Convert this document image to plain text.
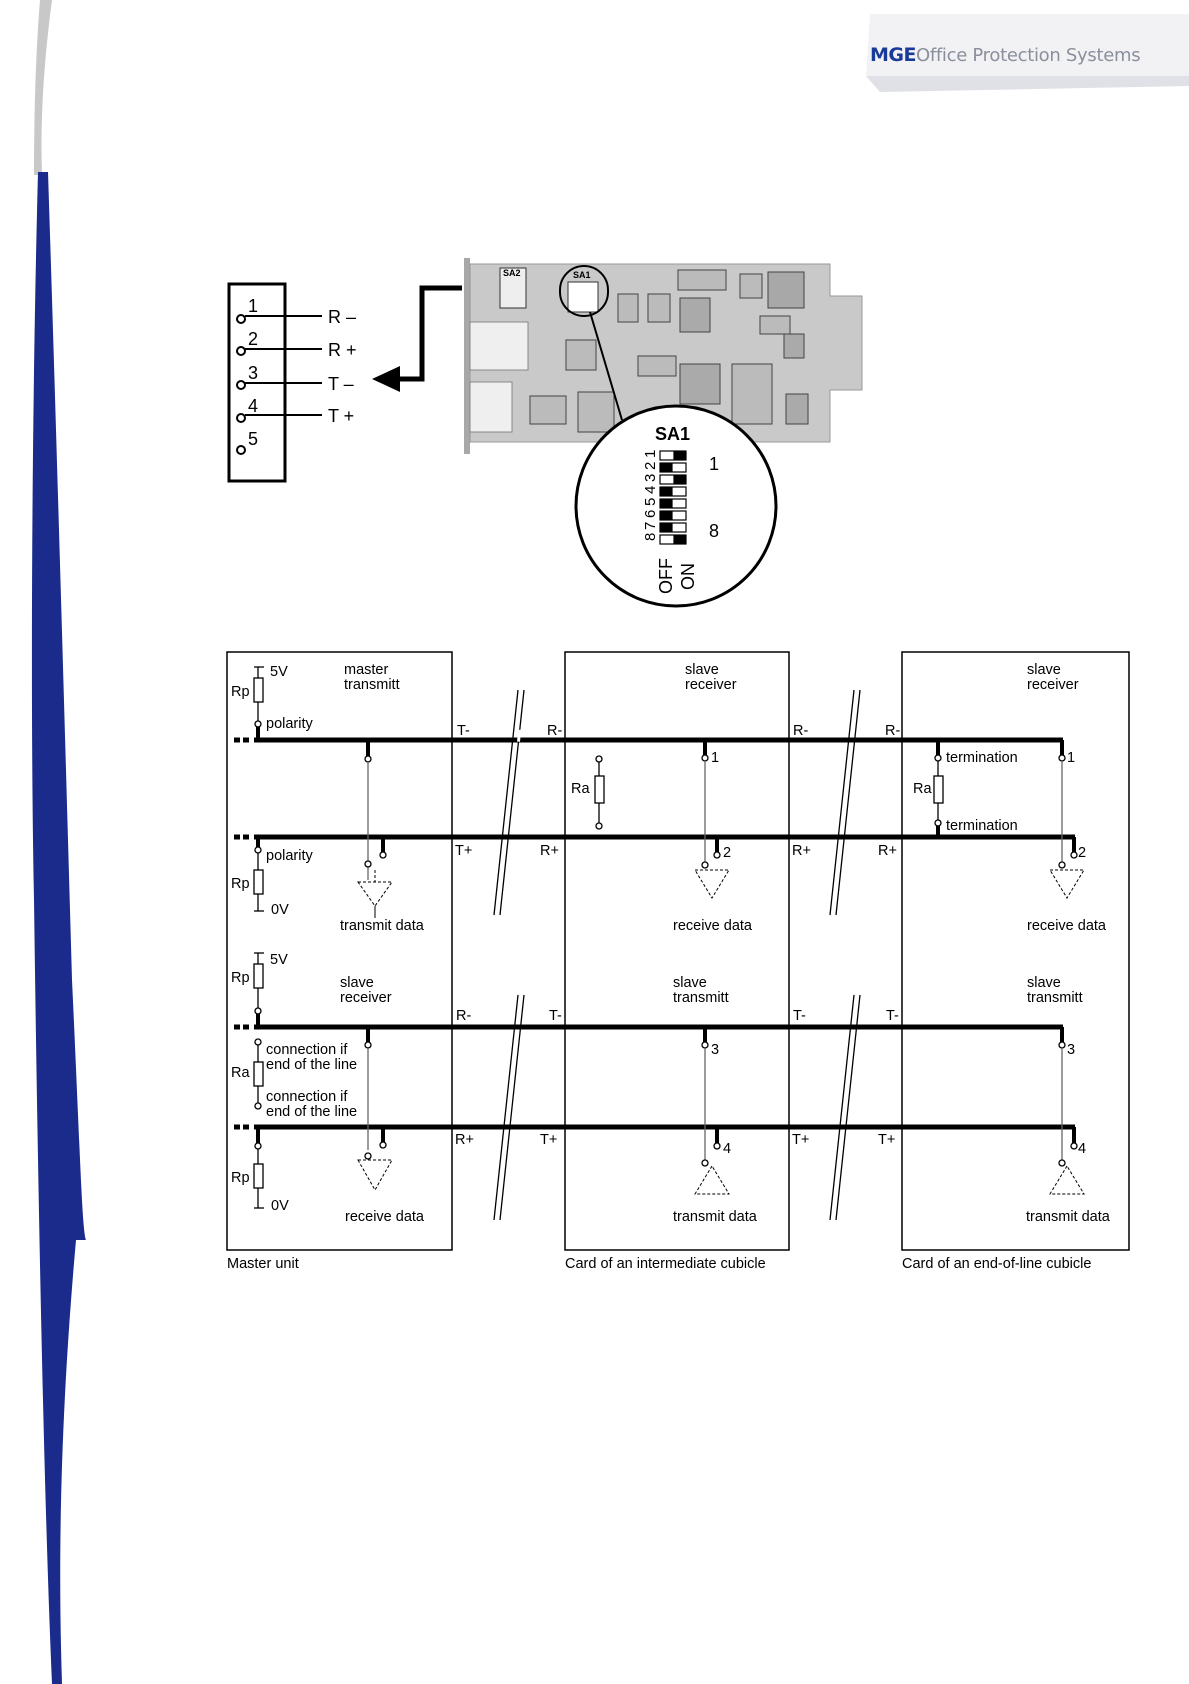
MGEOffice Protection Systems
1
2
3
4
5
R –
R +
T –
T +
SA2	SA1
SA1
8
7
6
5
4
3
2
1
1
8
OFF ON
5V
Rp
polarity
polarity
Rp
0V
master
transmitt
transmit data
5V
Rp	slave
receiver
connection if
end of the line
Ra
connection if
end of the line
Rp
0V
receive data
T-	R-	R-	R-
T+	R+	R+	R+
R-	T-	T-	T-
R+	T+	T+	T+
Ra
slave
receiver
1
2
receive data
slave
transmitt
3
4
transmit data
Ra
termination
termination
slave
receiver
1
2
receive data
slave
transmitt
3
4
transmit data
Master unit	Card of an intermediate cubicle	Card of an end-of-line cubicle
